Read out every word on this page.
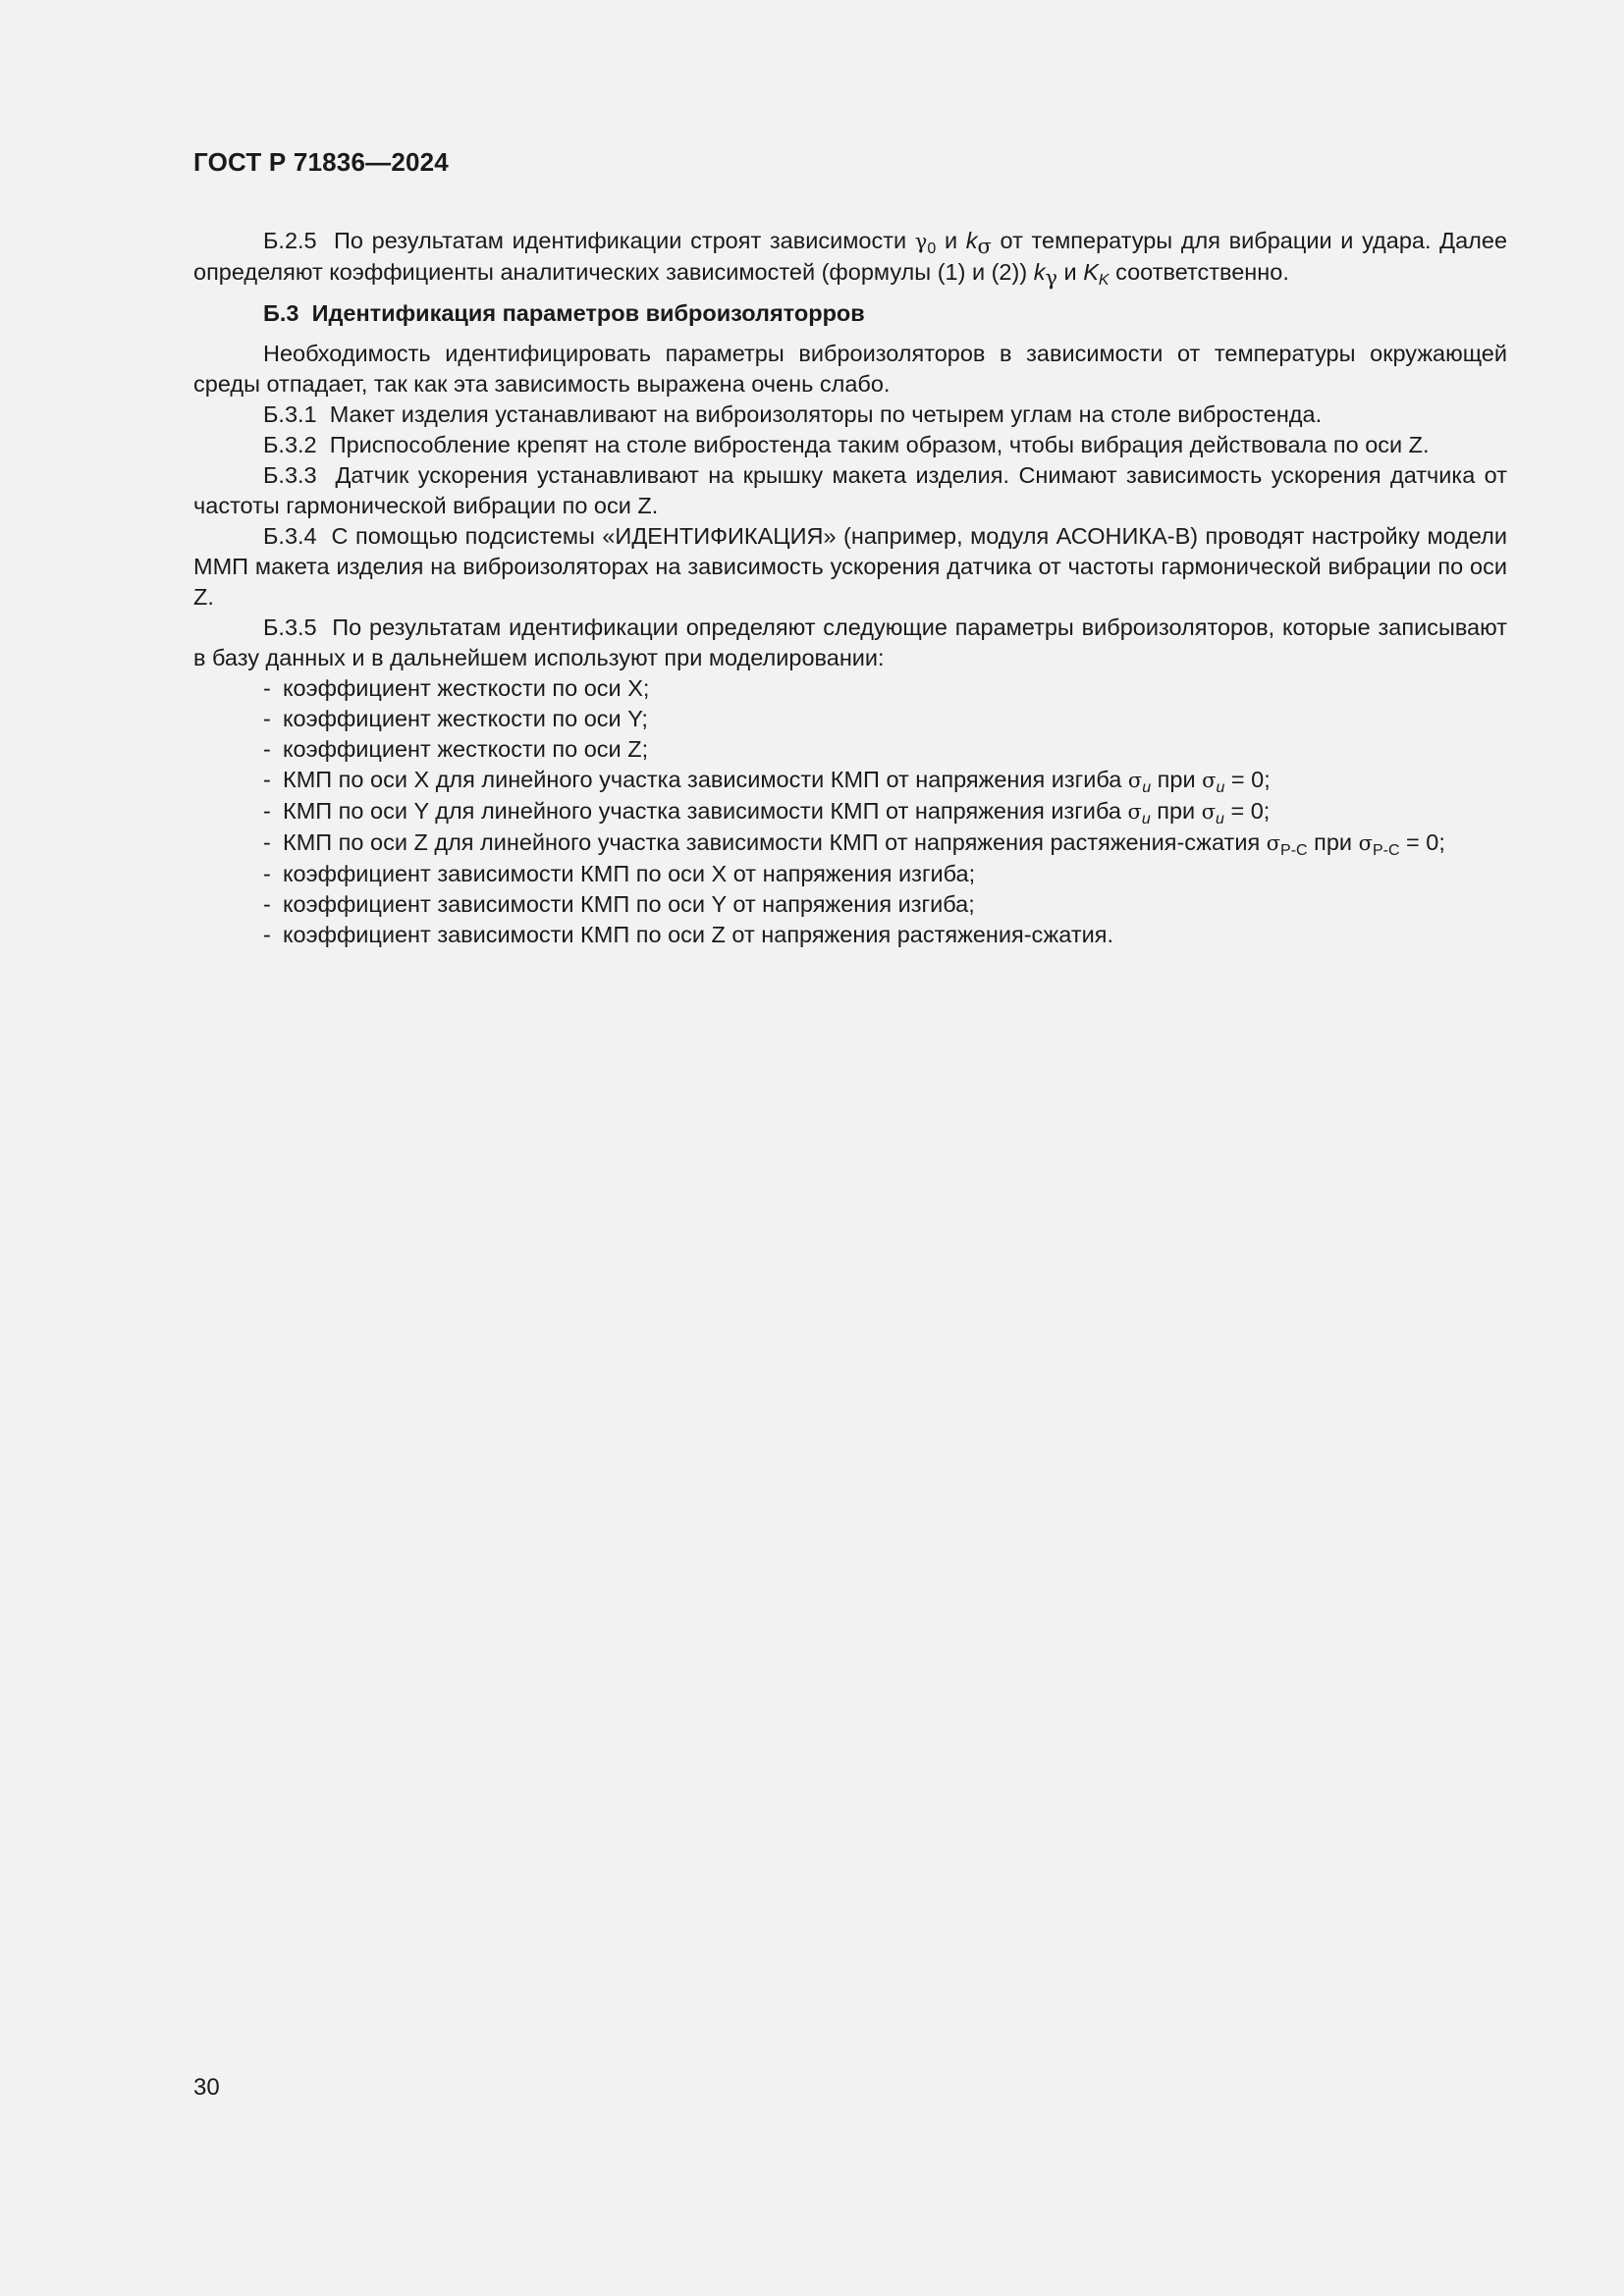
ГОСТ Р 71836—2024

Б.2.5 По результатам идентификации строят зависимости $\gamma_0$ и $k_\sigma$ от температуры для вибрации и удара. Далее определяют коэффициенты аналитических зависимостей (формулы (1) и (2)) $k_\gamma$ и $K_K$ соответственно.

Б.3 Идентификация параметров виброизоляторров

Необходимость идентифицировать параметры виброизоляторов в зависимости от температуры окружающей среды отпадает, так как эта зависимость выражена очень слабо.

Б.3.1 Макет изделия устанавливают на виброизоляторы по четырем углам на столе вибростенда.

Б.3.2 Приспособление крепят на столе вибростенда таким образом, чтобы вибрация действовала по оси Z.

Б.3.3 Датчик ускорения устанавливают на крышку макета изделия. Снимают зависимость ускорения датчика от частоты гармонической вибрации по оси Z.

Б.3.4 С помощью подсистемы «ИДЕНТИФИКАЦИЯ» (например, модуля АСОНИКА-В) проводят настройку модели ММП макета изделия на виброизоляторах на зависимость ускорения датчика от частоты гармонической вибрации по оси Z.

Б.3.5 По результатам идентификации определяют следующие параметры виброизоляторов, которые записывают в базу данных и в дальнейшем используют при моделировании:

- коэффициент жесткости по оси X;

- коэффициент жесткости по оси Y;

- коэффициент жесткости по оси Z;

- КМП по оси X для линейного участка зависимости КМП от напряжения изгиба $\sigma_u$ при $\sigma_u = 0$;

- КМП по оси Y для линейного участка зависимости КМП от напряжения изгиба $\sigma_u$ при $\sigma_u = 0$;

- КМП по оси Z для линейного участка зависимости КМП от напряжения растяжения-сжатия $\sigma_{Р-С}$ при $\sigma_{Р-С} = 0$;

- коэффициент зависимости КМП по оси X от напряжения изгиба;

- коэффициент зависимости КМП по оси Y от напряжения изгиба;

- коэффициент зависимости КМП по оси Z от напряжения растяжения-сжатия.

30
